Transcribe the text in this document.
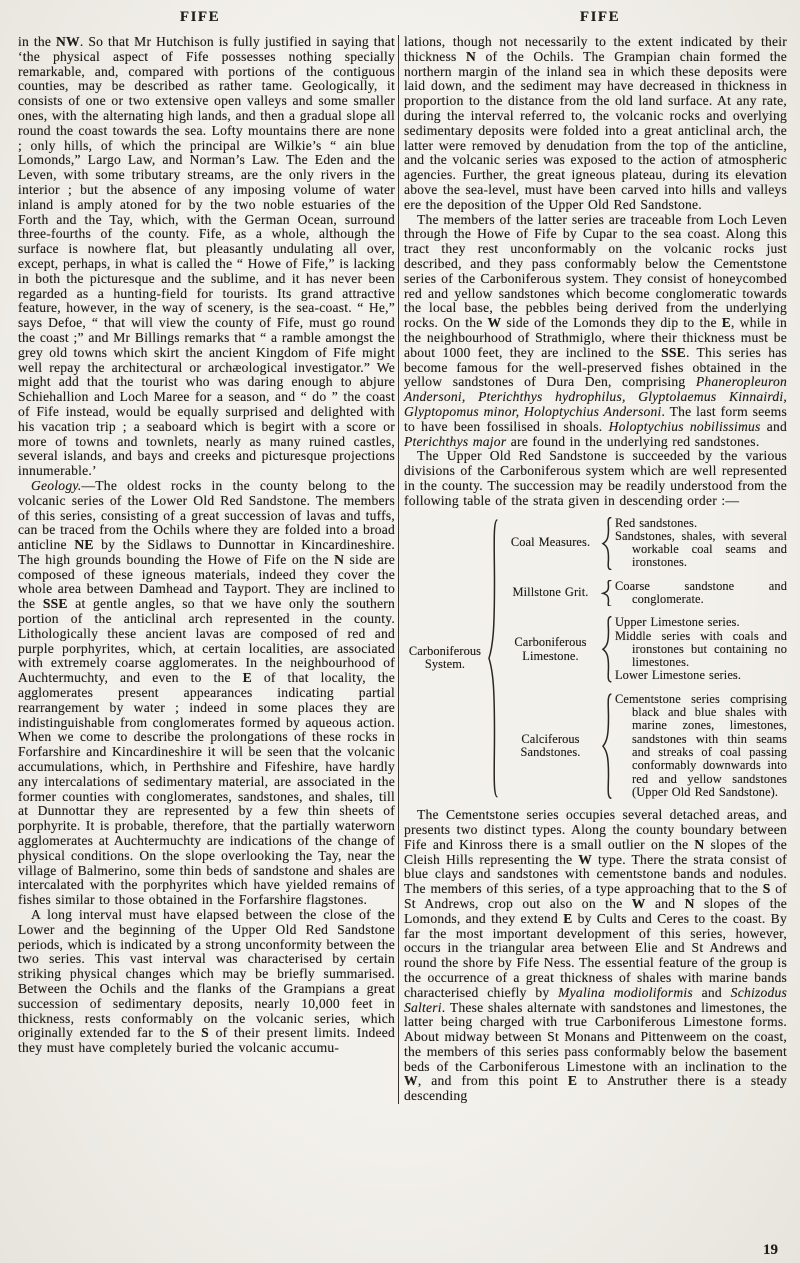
FIFE	FIFE

in the NW. So that Mr Hutchison is fully justified in saying that ‘the physical aspect of Fife possesses nothing specially remarkable, and, compared with portions of the contiguous counties, may be described as rather tame. Geologically, it consists of one or two extensive open valleys and some smaller ones, with the alternating high lands, and then a gradual slope all round the coast towards the sea. Lofty mountains there are none ; only hills, of which the principal are Wilkie’s “ ain blue Lomonds,” Largo Law, and Norman’s Law. The Eden and the Leven, with some tributary streams, are the only rivers in the interior ; but the absence of any imposing volume of water inland is amply atoned for by the two noble estuaries of the Forth and the Tay, which, with the German Ocean, surround three-fourths of the county. Fife, as a whole, although the surface is nowhere flat, but pleasantly undulating all over, except, perhaps, in what is called the “ Howe of Fife,” is lacking in both the picturesque and the sublime, and it has never been regarded as a hunting-field for tourists. Its grand attractive feature, however, in the way of scenery, is the sea-coast. “ He,” says Defoe, “ that will view the county of Fife, must go round the coast ;” and Mr Billings remarks that “ a ramble amongst the grey old towns which skirt the ancient Kingdom of Fife might well repay the architectural or archæological investigator.” We might add that the tourist who was daring enough to abjure Schiehallion and Loch Maree for a season, and “ do ” the coast of Fife instead, would be equally surprised and delighted with his vacation trip ; a seaboard which is begirt with a score or more of towns and townlets, nearly as many ruined castles, several islands, and bays and creeks and picturesque projections innumerable.’

Geology.—The oldest rocks in the county belong to the volcanic series of the Lower Old Red Sandstone. The members of this series, consisting of a great succession of lavas and tuffs, can be traced from the Ochils where they are folded into a broad anticline NE by the Sidlaws to Dunnottar in Kincardineshire. The high grounds bounding the Howe of Fife on the N side are composed of these igneous materials, indeed they cover the whole area between Damhead and Tayport. They are inclined to the SSE at gentle angles, so that we have only the southern portion of the anticlinal arch represented in the county. Lithologically these ancient lavas are composed of red and purple porphyrites, which, at certain localities, are associated with extremely coarse agglomerates. In the neighbourhood of Auchtermuchty, and even to the E of that locality, the agglomerates present appearances indicating partial rearrangement by water ; indeed in some places they are indistinguishable from conglomerates formed by aqueous action. When we come to describe the prolongations of these rocks in Forfarshire and Kincardineshire it will be seen that the volcanic accumulations, which, in Perthshire and Fifeshire, have hardly any intercalations of sedimentary material, are associated in the former counties with conglomerates, sandstones, and shales, till at Dunnottar they are represented by a few thin sheets of porphyrite. It is probable, therefore, that the partially waterworn agglomerates at Auchtermuchty are indications of the change of physical conditions. On the slope overlooking the Tay, near the village of Balmerino, some thin beds of sandstone and shales are intercalated with the porphyrites which have yielded remains of fishes similar to those obtained in the Forfarshire flagstones.

A long interval must have elapsed between the close of the Lower and the beginning of the Upper Old Red Sandstone periods, which is indicated by a strong unconformity between the two series. This vast interval was characterised by certain striking physical changes which may be briefly summarised. Between the Ochils and the flanks of the Grampians a great succession of sedimentary deposits, nearly 10,000 feet in thickness, rests conformably on the volcanic series, which originally extended far to the S of their present limits. Indeed they must have completely buried the volcanic accumu-

lations, though not necessarily to the extent indicated by their thickness N of the Ochils. The Grampian chain formed the northern margin of the inland sea in which these deposits were laid down, and the sediment may have decreased in thickness in proportion to the distance from the old land surface. At any rate, during the interval referred to, the volcanic rocks and overlying sedimentary deposits were folded into a great anticlinal arch, the latter were removed by denudation from the top of the anticline, and the volcanic series was exposed to the action of atmospheric agencies. Further, the great igneous plateau, during its elevation above the sea-level, must have been carved into hills and valleys ere the deposition of the Upper Old Red Sandstone.

The members of the latter series are traceable from Loch Leven through the Howe of Fife by Cupar to the sea coast. Along this tract they rest unconformably on the volcanic rocks just described, and they pass conformably below the Cementstone series of the Carboniferous system. They consist of honeycombed red and yellow sandstones which become conglomeratic towards the local base, the pebbles being derived from the underlying rocks. On the W side of the Lomonds they dip to the E, while in the neighbourhood of Strathmiglo, where their thickness must be about 1000 feet, they are inclined to the SSE. This series has become famous for the well-preserved fishes obtained in the yellow sandstones of Dura Den, comprising Phaneropleuron Andersoni, Pterichthys hydrophilus, Glyptolaemus Kinnairdi, Glyptopomus minor, Holoptychius Andersoni. The last form seems to have been fossilised in shoals. Holoptychius nobilissimus and Pterichthys major are found in the underlying red sandstones.

The Upper Old Red Sandstone is succeeded by the various divisions of the Carboniferous system which are well represented in the county. The succession may be readily understood from the following table of the strata given in descending order :—

Carboniferous System.
Coal Measures.
Red sandstones.
Sandstones, shales, with several workable coal seams and ironstones.
Millstone Grit.	Coarse sandstone and conglomerate.
Carboniferous Limestone.
Upper Limestone series.
Middle series with coals and ironstones but containing no limestones.
Lower Limestone series.
Calciferous Sandstones.
Cementstone series comprising black and blue shales with marine zones, limestones, sandstones with thin seams and streaks of coal passing conformably downwards into red and yellow sandstones (Upper Old Red Sandstone).

The Cementstone series occupies several detached areas, and presents two distinct types. Along the county boundary between Fife and Kinross there is a small outlier on the N slopes of the Cleish Hills representing the W type. There the strata consist of blue clays and sandstones with cementstone bands and nodules. The members of this series, of a type approaching that to the S of St Andrews, crop out also on the W and N slopes of the Lomonds, and they extend E by Cults and Ceres to the coast. By far the most important development of this series, however, occurs in the triangular area between Elie and St Andrews and round the shore by Fife Ness. The essential feature of the group is the occurrence of a great thickness of shales with marine bands characterised chiefly by Myalina modioliformis and Schizodus Salteri. These shales alternate with sandstones and limestones, the latter being charged with true Carboniferous Limestone forms. About midway between St Monans and Pittenweem on the coast, the members of this series pass conformably below the basement beds of the Carboniferous Limestone with an inclination to the W, and from this point E to Anstruther there is a steady descending

19
